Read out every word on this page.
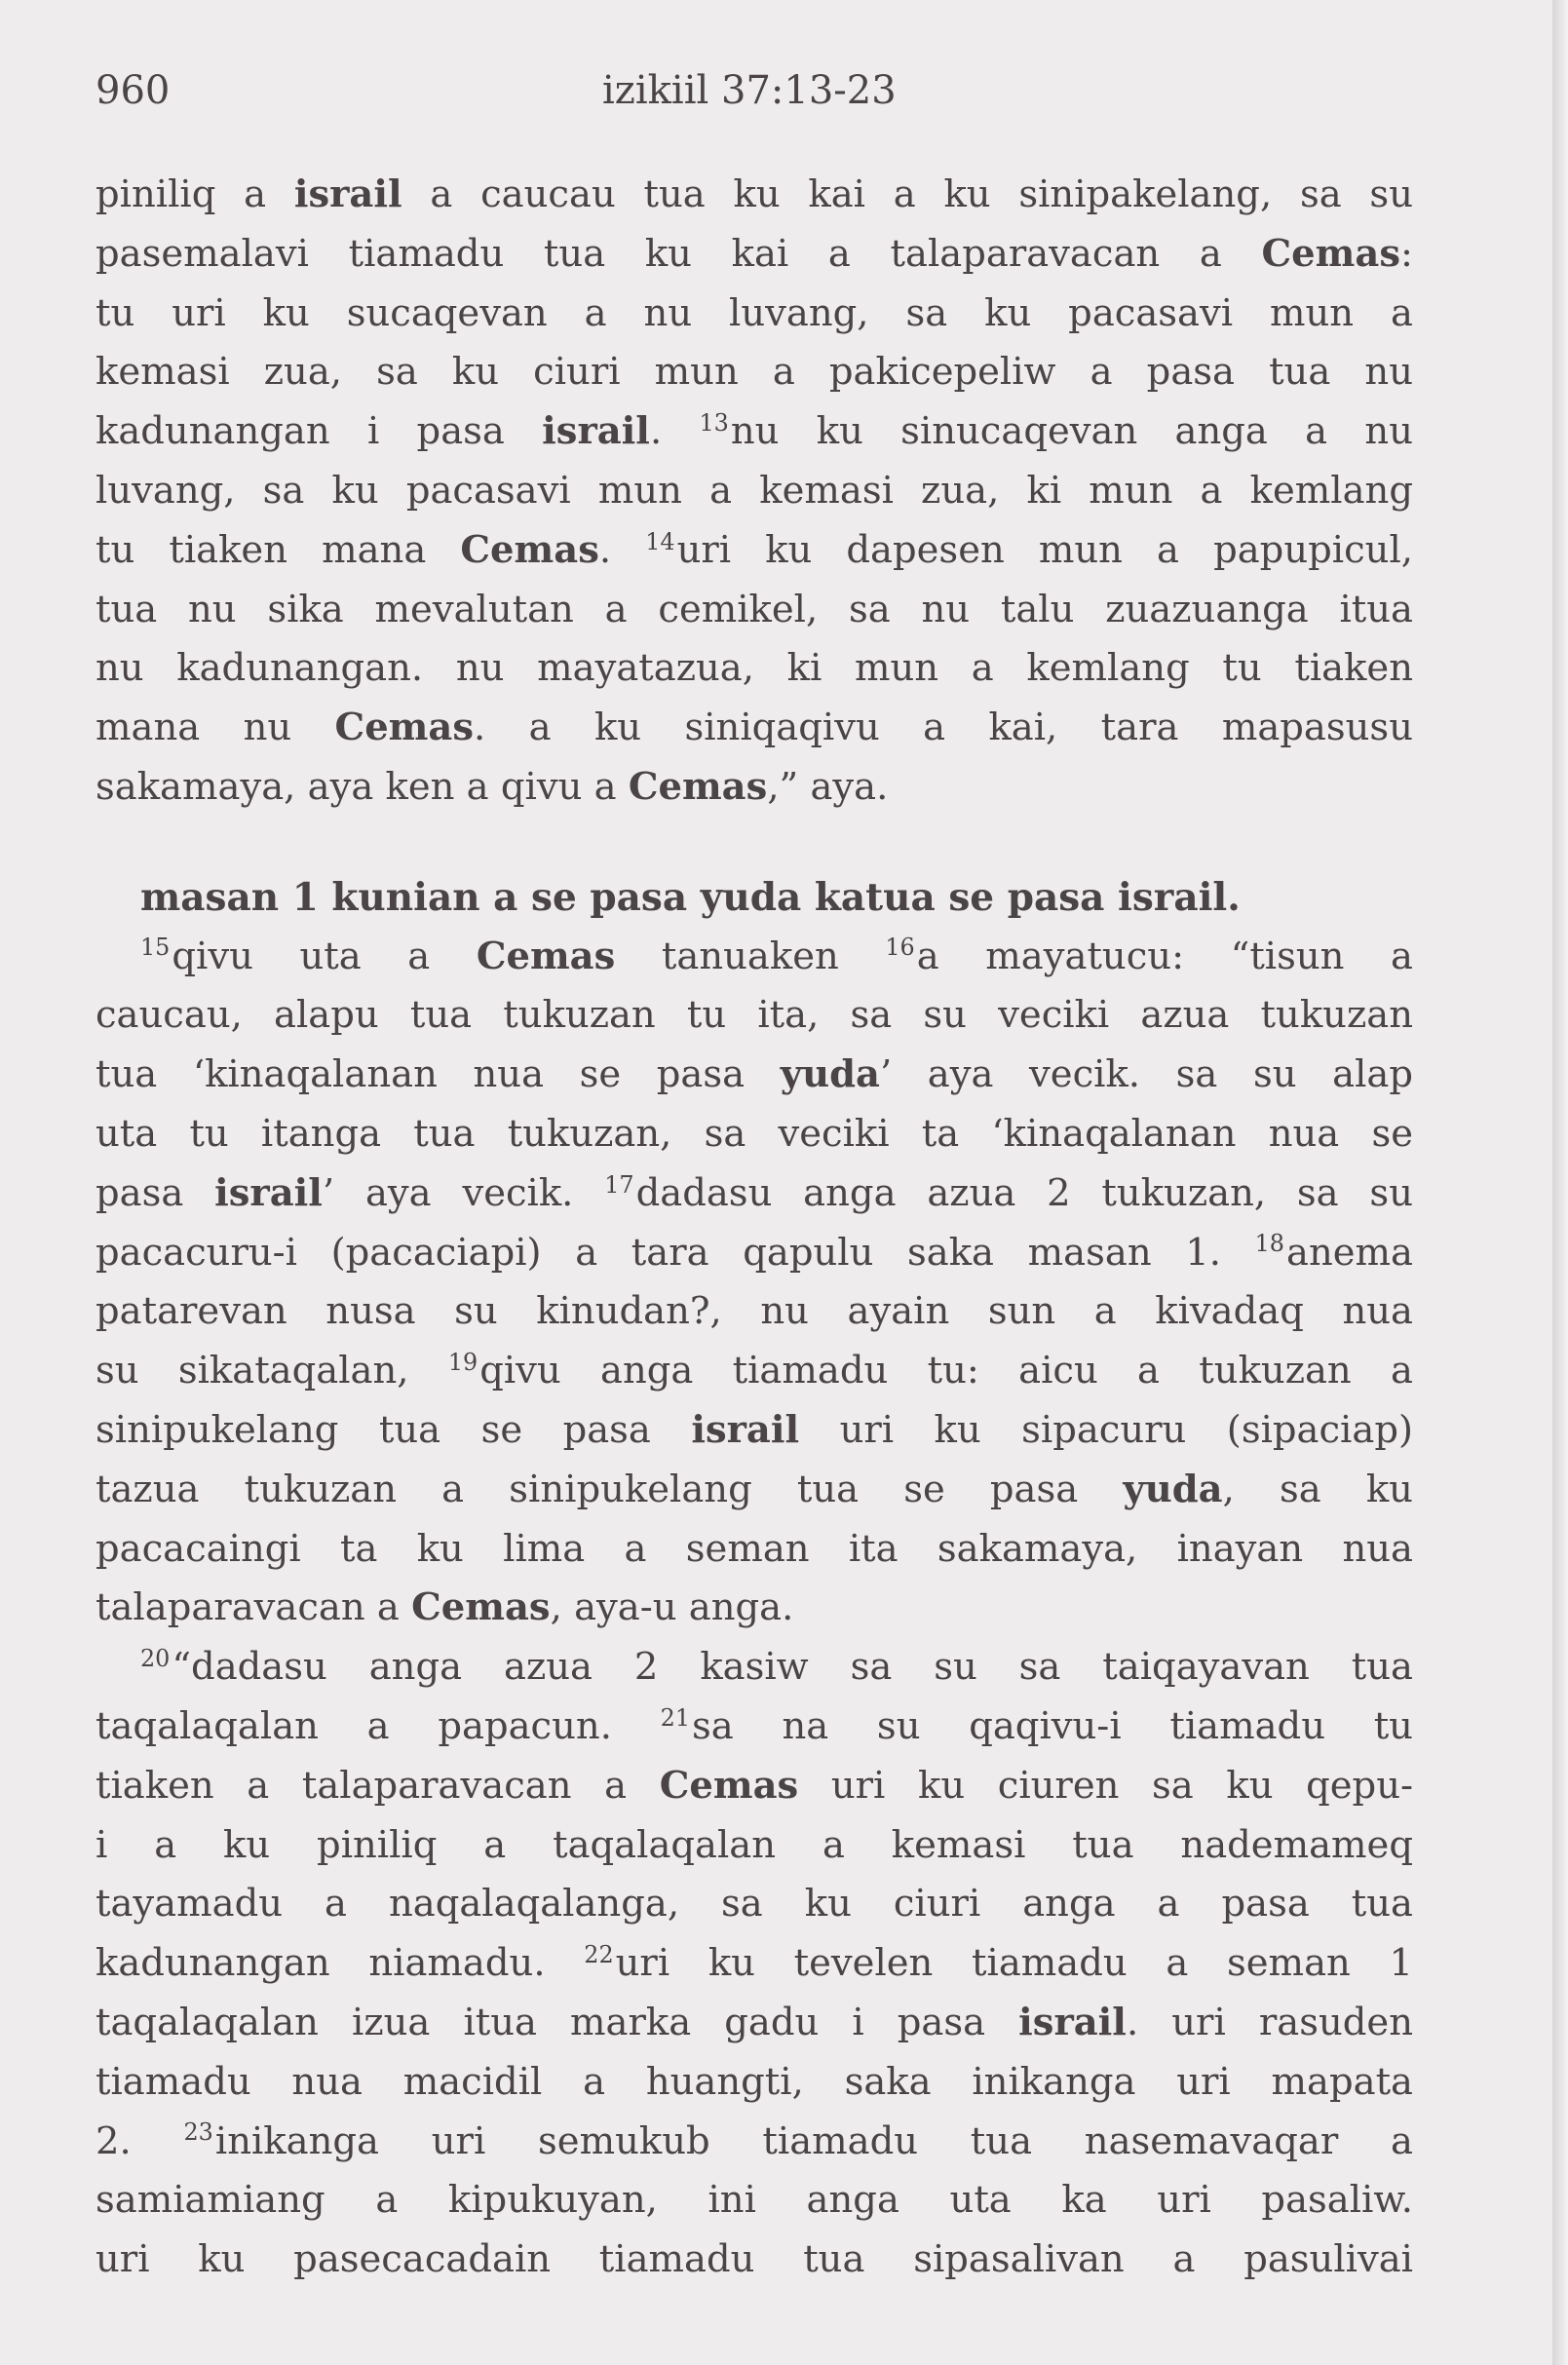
960	izikiil 37:13-23
piniliq a israil a caucau tua ku kai a ku sinipakelang, sa su
pasemalavi tiamadu tua ku kai a talaparavacan a Cemas:
tu uri ku sucaqevan a nu luvang, sa ku pacasavi mun a
kemasi zua, sa ku ciuri mun a pakicepeliw a pasa tua nu
kadunangan i pasa israil. $^{13}$nu ku sinucaqevan anga a nu
luvang, sa ku pacasavi mun a kemasi zua, ki mun a kemlang
tu tiaken mana Cemas. $^{14}$uri ku dapesen mun a papupicul,
tua nu sika mevalutan a cemikel, sa nu talu zuazuanga itua
nu kadunangan. nu mayatazua, ki mun a kemlang tu tiaken
mana nu Cemas. a ku siniqaqivu a kai, tara mapasusu
sakamaya, aya ken a qivu a Cemas,” aya.
masan 1 kunian a se pasa yuda katua se pasa israil.
$^{15}$qivu uta a Cemas tanuaken $^{16}$a mayatucu: “tisun a
caucau, alapu tua tukuzan tu ita, sa su veciki azua tukuzan
tua ‘kinaqalanan nua se pasa yuda’ aya vecik. sa su alap
uta tu itanga tua tukuzan, sa veciki ta ‘kinaqalanan nua se
pasa israil’ aya vecik. $^{17}$dadasu anga azua 2 tukuzan, sa su
pacacuru-i (pacaciapi) a tara qapulu saka masan 1. $^{18}$anema
patarevan nusa su kinudan?, nu ayain sun a kivadaq nua
su sikataqalan, $^{19}$qivu anga tiamadu tu: aicu a tukuzan a
sinipukelang tua se pasa israil uri ku sipacuru (sipaciap)
tazua tukuzan a sinipukelang tua se pasa yuda, sa ku
pacacaingi ta ku lima a seman ita sakamaya, inayan nua
talaparavacan a Cemas, aya-u anga.
$^{20}$“dadasu anga azua 2 kasiw sa su sa taiqayavan tua
taqalaqalan a papacun. $^{21}$sa na su qaqivu-i tiamadu tu
tiaken a talaparavacan a Cemas uri ku ciuren sa ku qepu-
i a ku piniliq a taqalaqalan a kemasi tua nademameq
tayamadu a naqalaqalanga, sa ku ciuri anga a pasa tua
kadunangan niamadu. $^{22}$uri ku tevelen tiamadu a seman 1
taqalaqalan izua itua marka gadu i pasa israil. uri rasuden
tiamadu nua macidil a huangti, saka inikanga uri mapata
2. $^{23}$inikanga uri semukub tiamadu tua nasemavaqar a
samiamiang a kipukuyan, ini anga uta ka uri pasaliw.
uri ku pasecacadain tiamadu tua sipasalivan a pasulivai
